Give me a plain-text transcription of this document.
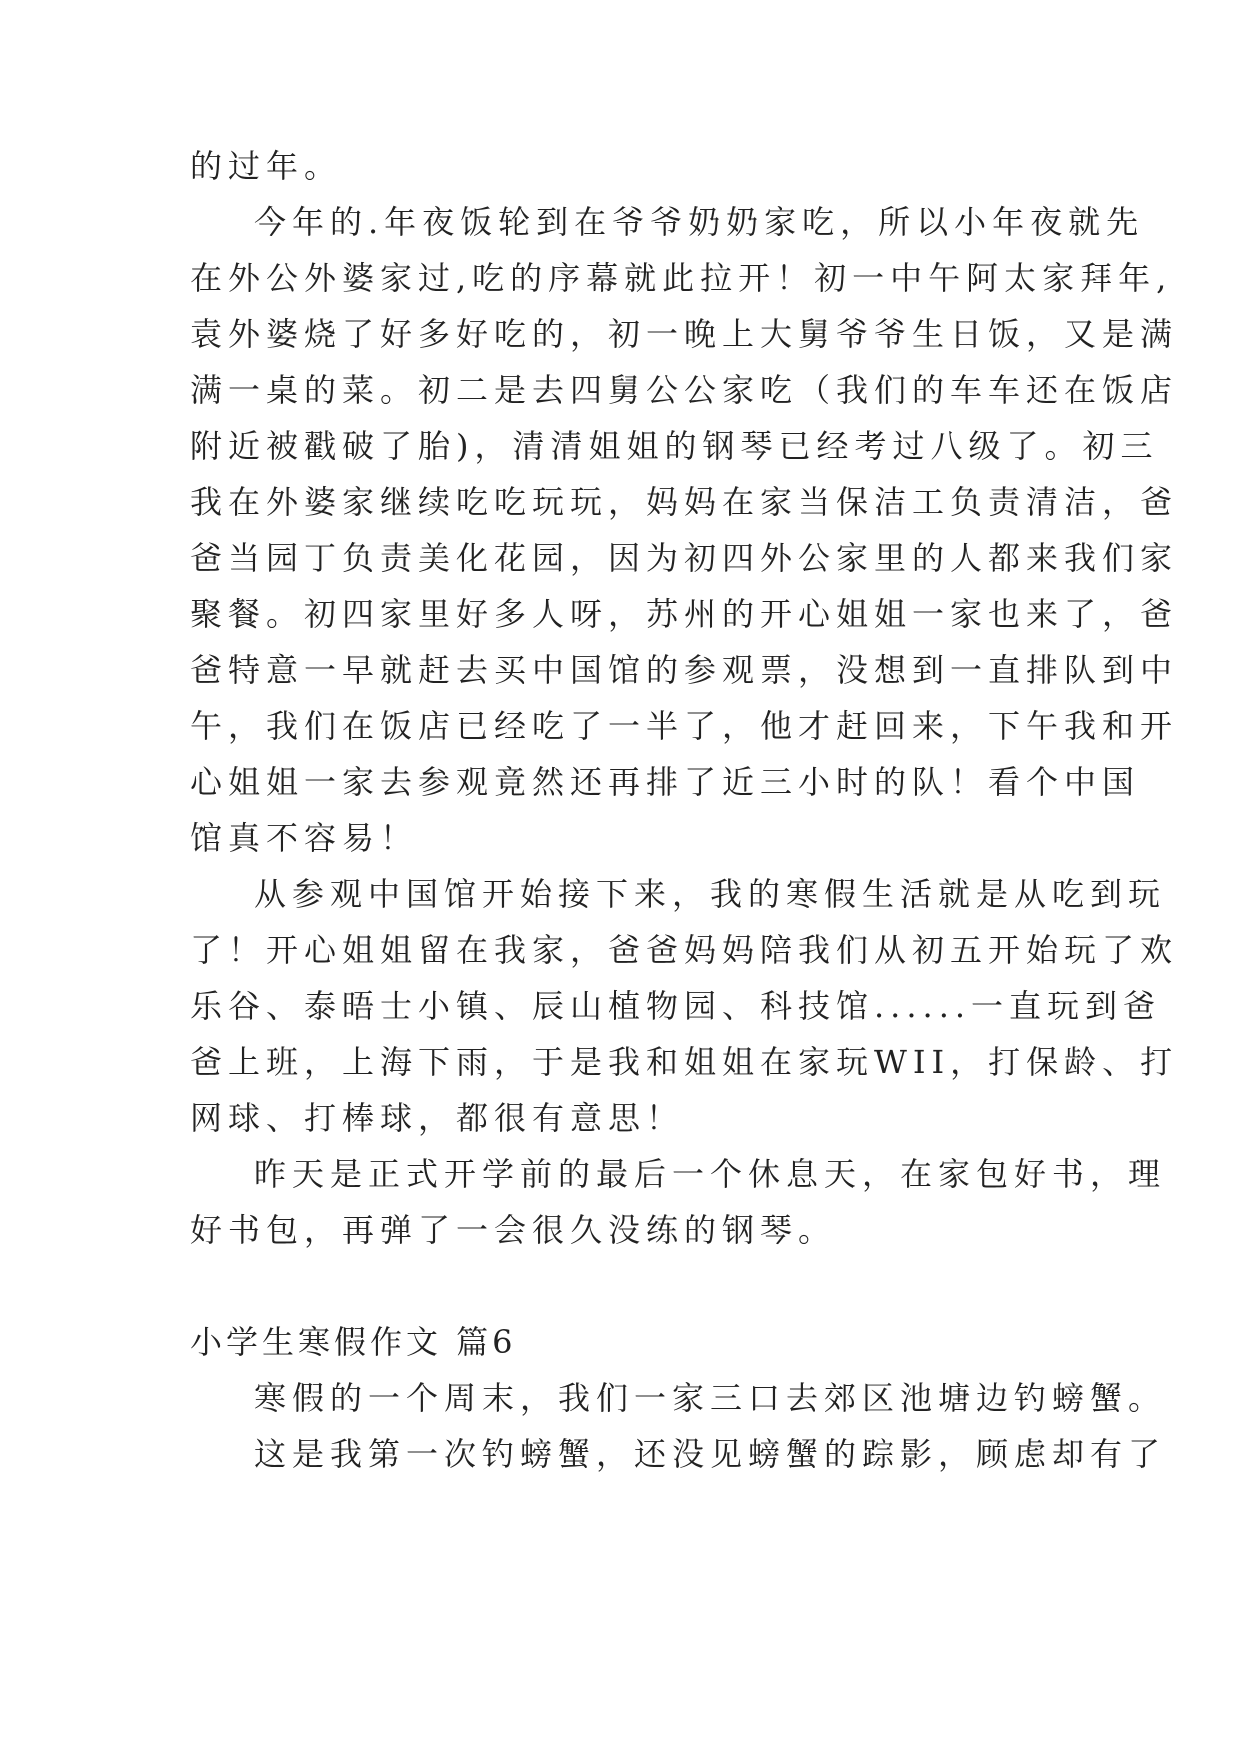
的过年。
今年的.年夜饭轮到在爷爷奶奶家吃，所以小年夜就先
在外公外婆家过,吃的序幕就此拉开！初一中午阿太家拜年,
袁外婆烧了好多好吃的，初一晚上大舅爷爷生日饭，又是满
满一桌的菜。初二是去四舅公公家吃（我们的车车还在饭店
附近被戳破了胎)，清清姐姐的钢琴已经考过八级了。初三
我在外婆家继续吃吃玩玩，妈妈在家当保洁工负责清洁，爸
爸当园丁负责美化花园，因为初四外公家里的人都来我们家
聚餐。初四家里好多人呀，苏州的开心姐姐一家也来了，爸
爸特意一早就赶去买中国馆的参观票，没想到一直排队到中
午，我们在饭店已经吃了一半了，他才赶回来，下午我和开
心姐姐一家去参观竟然还再排了近三小时的队！看个中国
馆真不容易！
从参观中国馆开始接下来，我的寒假生活就是从吃到玩
了！开心姐姐留在我家，爸爸妈妈陪我们从初五开始玩了欢
乐谷、泰晤士小镇、辰山植物园、科技馆......一直玩到爸
爸上班，上海下雨，于是我和姐姐在家玩WII，打保龄、打
网球、打棒球，都很有意思！
昨天是正式开学前的最后一个休息天，在家包好书，理
好书包，再弹了一会很久没练的钢琴。
小学生寒假作文 篇6
寒假的一个周末，我们一家三口去郊区池塘边钓螃蟹。
这是我第一次钓螃蟹，还没见螃蟹的踪影，顾虑却有了
